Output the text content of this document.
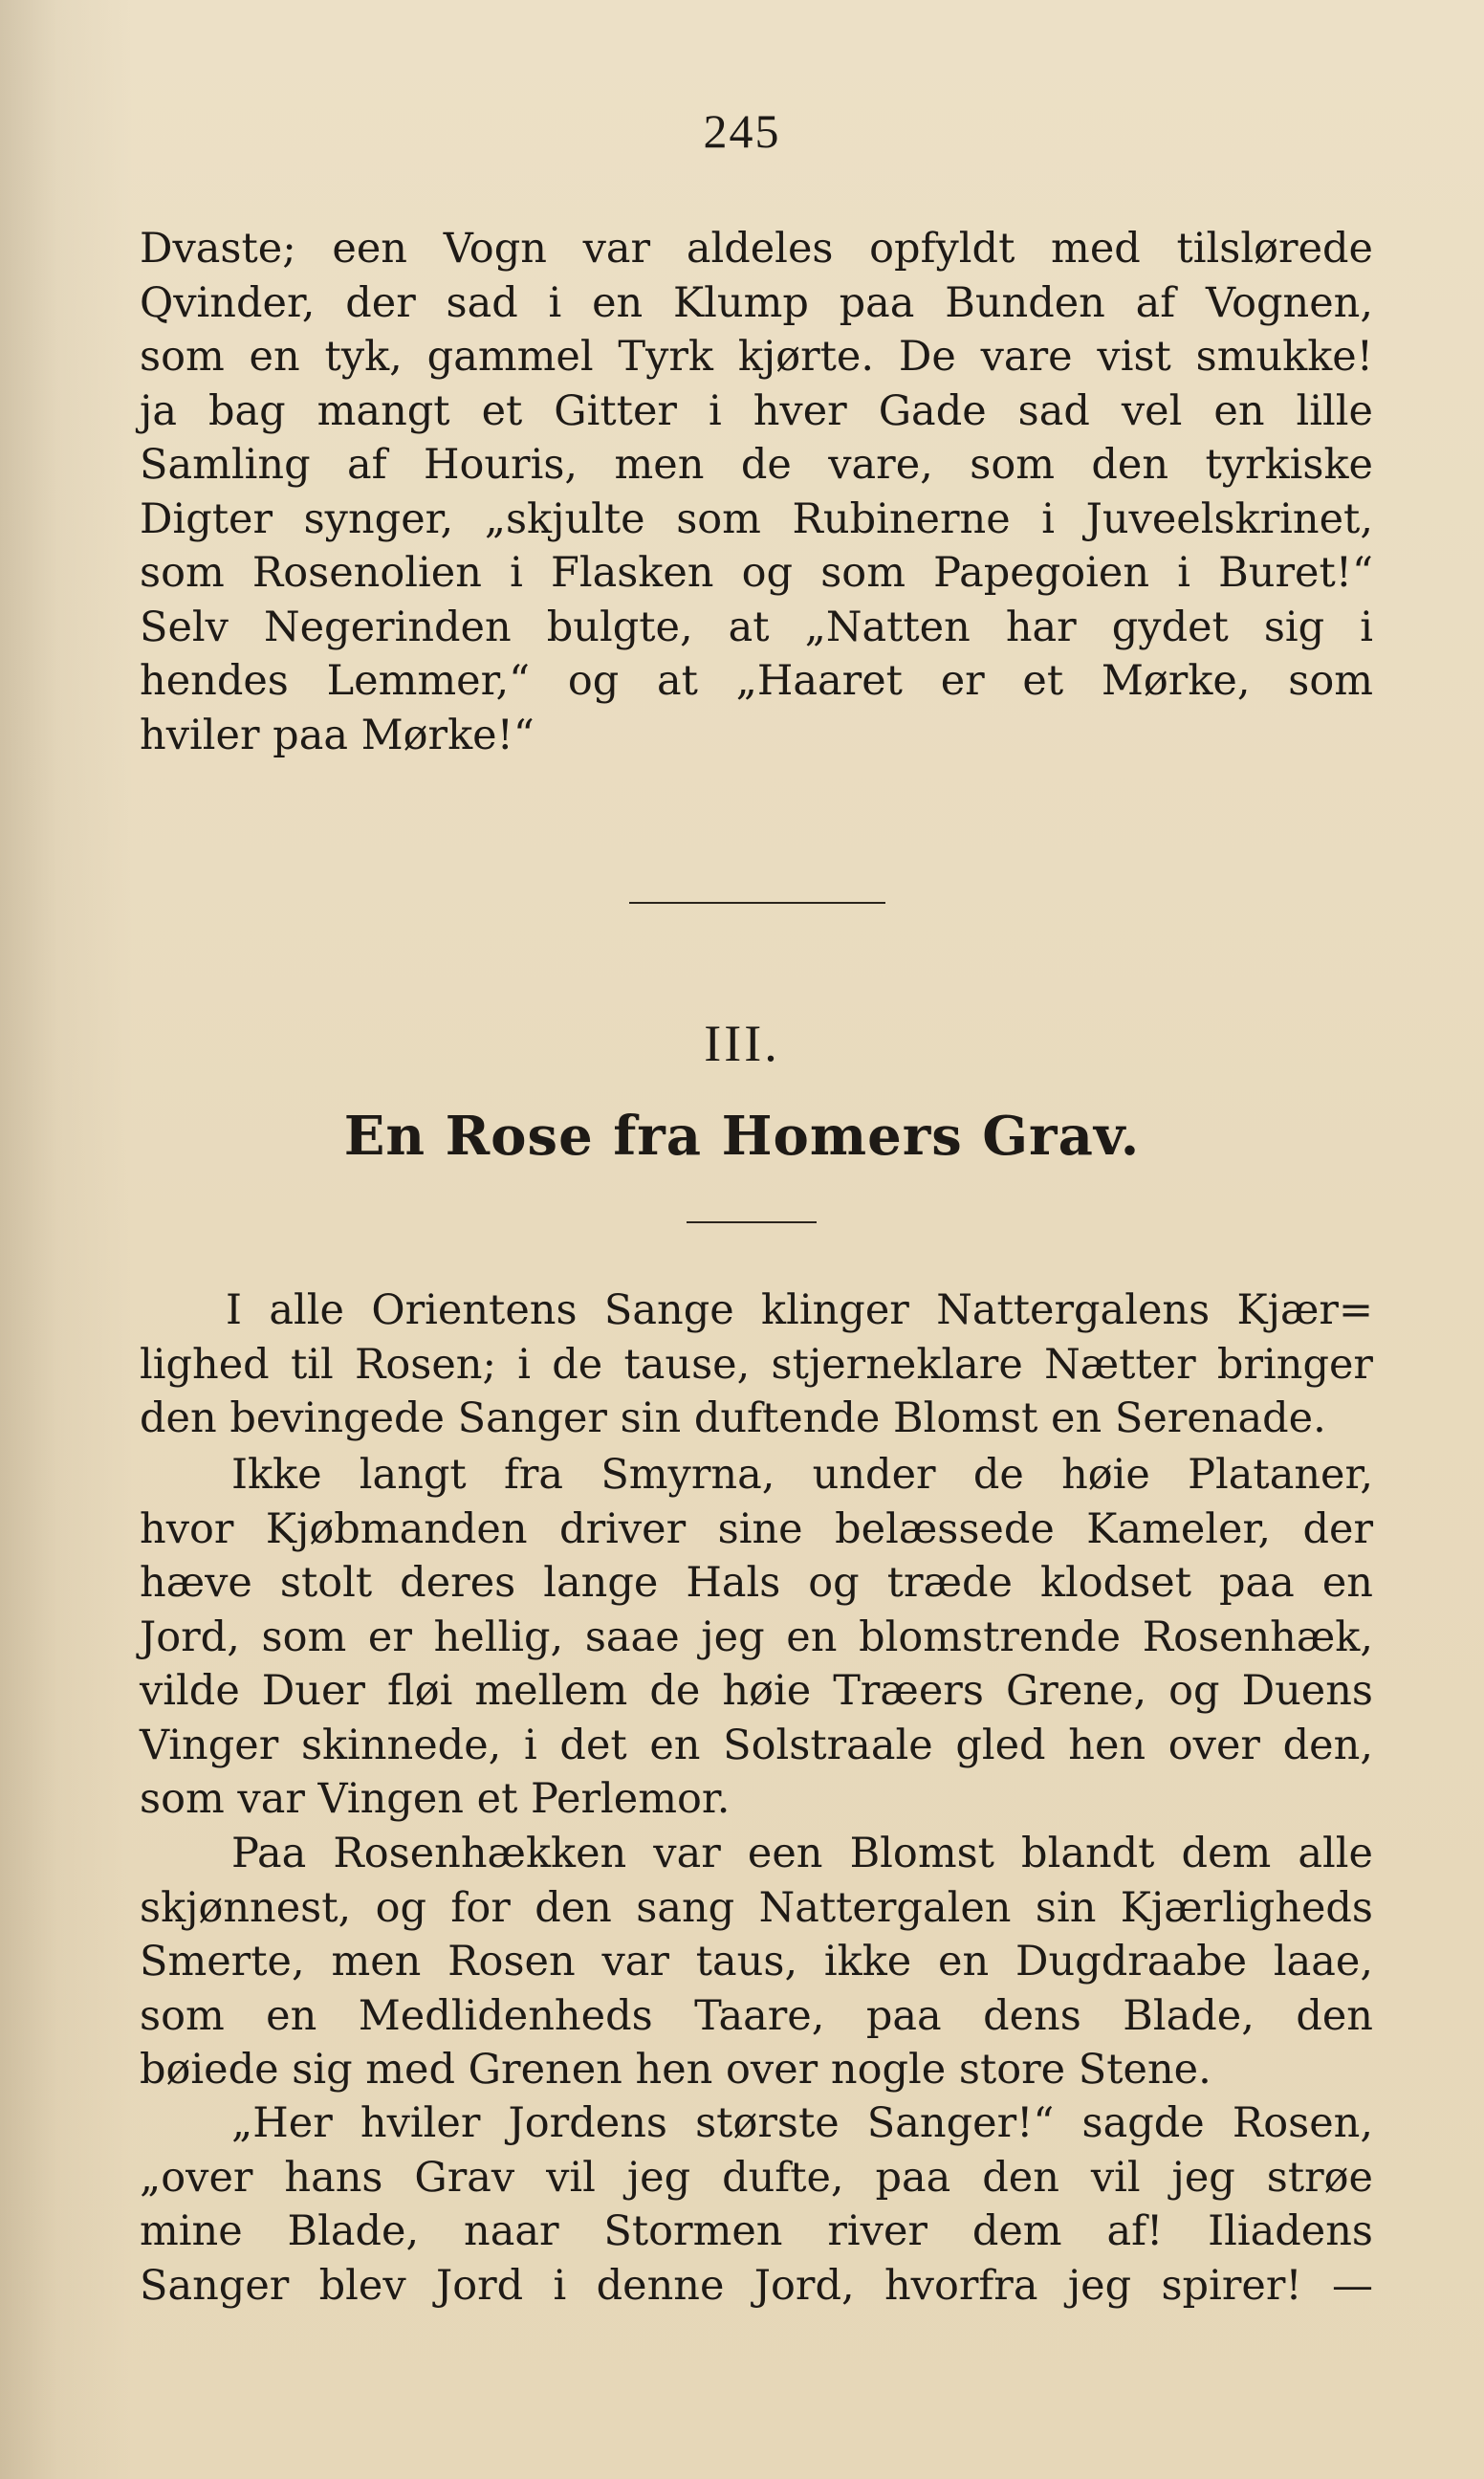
245
Dvaste; een Vogn var aldeles opfyldt med tilslørede
Qvinder, der sad i en Klump paa Bunden af Vognen,
som en tyk, gammel Tyrk kjørte. De vare vist smukke!
ja bag mangt et Gitter i hver Gade sad vel en lille
Samling af Houris, men de vare, som den tyrkiske
Digter synger, „skjulte som Rubinerne i Juveelskrinet,
som Rosenolien i Flasken og som Papegoien i Buret!“
Selv Negerinden bulgte, at „Natten har gydet sig i
hendes Lemmer,“ og at „Haaret er et Mørke, som
hviler paa Mørke!“
III.
En Rose fra Homers Grav.
I alle Orientens Sange klinger Nattergalens Kjær=
lighed til Rosen; i de tause, stjerneklare Nætter bringer
den bevingede Sanger sin duftende Blomst en Serenade.
Ikke langt fra Smyrna, under de høie Plataner,
hvor Kjøbmanden driver sine belæssede Kameler, der
hæve stolt deres lange Hals og træde klodset paa en
Jord, som er hellig, saae jeg en blomstrende Rosenhæk,
vilde Duer fløi mellem de høie Træers Grene, og Duens
Vinger skinnede, i det en Solstraale gled hen over den,
som var Vingen et Perlemor.
Paa Rosenhækken var een Blomst blandt dem alle
skjønnest, og for den sang Nattergalen sin Kjærligheds
Smerte, men Rosen var taus, ikke en Dugdraabe laae,
som en Medlidenheds Taare, paa dens Blade, den
bøiede sig med Grenen hen over nogle store Stene.
„Her hviler Jordens største Sanger!“ sagde Rosen,
„over hans Grav vil jeg dufte, paa den vil jeg strøe
mine Blade, naar Stormen river dem af! Iliadens
Sanger blev Jord i denne Jord, hvorfra jeg spirer! —
